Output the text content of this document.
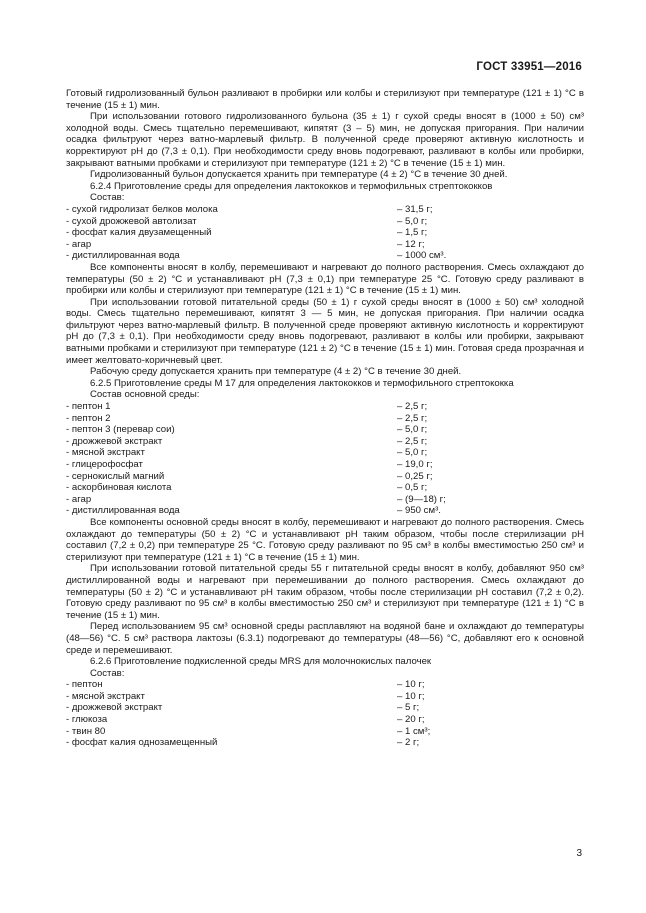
ГОСТ 33951—2016

Готовый гидролизованный бульон разливают в пробирки или колбы и стерилизуют при температуре (121 ± 1) °С в течение (15 ± 1) мин.

При использовании готового гидролизованного бульона (35 ± 1) г сухой среды вносят в (1000 ± 50) см³ холодной воды. Смесь тщательно перемешивают, кипятят (3 – 5) мин, не допуская пригорания. При наличии осадка фильтруют через ватно-марлевый фильтр. В полученной среде проверяют активную кислотность и корректируют рН до (7,3 ± 0,1). При необходимости среду вновь подогревают, разливают в колбы или пробирки, закрывают ватными пробками и стерилизуют при температуре (121 ± 2) °С в течение (15 ± 1) мин.

Гидролизованный бульон допускается хранить при температуре (4 ± 2) °С в течение 30 дней.

6.2.4 Приготовление среды для определения лактококков и термофильных стрептококков

Состав:

- сухой гидролизат белков молока	– 31,5 г;
- сухой дрожжевой автолизат	– 5,0 г;
- фосфат калия двузамещенный	– 1,5 г;
- агар	– 12 г;
- дистиллированная вода	– 1000 см³.

Все компоненты вносят в колбу, перемешивают и нагревают до полного растворения. Смесь охлаждают до температуры (50 ± 2) °С и устанавливают рН (7,3 ± 0,1) при температуре 25 °С. Готовую среду разливают в пробирки или колбы и стерилизуют при температуре (121 ± 1) °С в течение (15 ± 1) мин.

При использовании готовой питательной среды (50 ± 1) г сухой среды вносят в (1000 ± 50) см³ холодной воды. Смесь тщательно перемешивают, кипятят 3 — 5 мин, не допуская пригорания. При наличии осадка фильтруют через ватно-марлевый фильтр. В полученной среде проверяют активную кислотность и корректируют рН до (7,3 ± 0,1). При необходимости среду вновь подогревают, разливают в колбы или пробирки, закрывают ватными пробками и стерилизуют при температуре (121 ± 2) °С в течение (15 ± 1) мин. Готовая среда прозрачная и имеет желтовато-коричневый цвет.

Рабочую среду допускается хранить при температуре (4 ± 2) °С в течение 30 дней.

6.2.5 Приготовление среды М 17 для определения лактококков и термофильного стрептококка

Состав основной среды:

- пептон 1	– 2,5 г;
- пептон 2	– 2,5 г;
- пептон 3 (перевар сои)	– 5,0 г;
- дрожжевой экстракт	– 2,5 г;
- мясной экстракт	– 5,0 г;
- глицерофосфат	– 19,0 г;
- сернокислый магний	– 0,25 г;
- аскорбиновая кислота	– 0,5 г;
- агар	– (9—18) г;
- дистиллированная вода	– 950 см³.

Все компоненты основной среды вносят в колбу, перемешивают и нагревают до полного растворения. Смесь охлаждают до температуры (50 ± 2) °С и устанавливают рН таким образом, чтобы после стерилизации рН составил (7,2 ± 0,2) при температуре 25 °С. Готовую среду разливают по 95 см³ в колбы вместимостью 250 см³ и стерилизуют при температуре (121 ± 1) °С в течение (15 ± 1) мин.

При использовании готовой питательной среды 55 г питательной среды вносят в колбу, добавляют 950 см³ дистиллированной воды и нагревают при перемешивании до полного растворения. Смесь охлаждают до температуры (50 ± 2) °С и устанавливают рН таким образом, чтобы после стерилизации рН составил (7,2 ± 0,2). Готовую среду разливают по 95 см³ в колбы вместимостью 250 см³ и стерилизуют при температуре (121 ± 1) °С в течение (15 ± 1) мин.

Перед использованием 95 см³ основной среды расплавляют на водяной бане и охлаждают до температуры (48—56) °С. 5 см³ раствора лактозы (6.3.1) подогревают до температуры (48—56) °С, добавляют его к основной среде и перемешивают.

6.2.6 Приготовление подкисленной среды MRS для молочнокислых палочек

Состав:

- пептон	– 10 г;
- мясной экстракт	– 10 г;
- дрожжевой экстракт	– 5 г;
- глюкоза	– 20 г;
- твин 80	– 1 см³;
- фосфат калия однозамещенный	– 2 г;
3
